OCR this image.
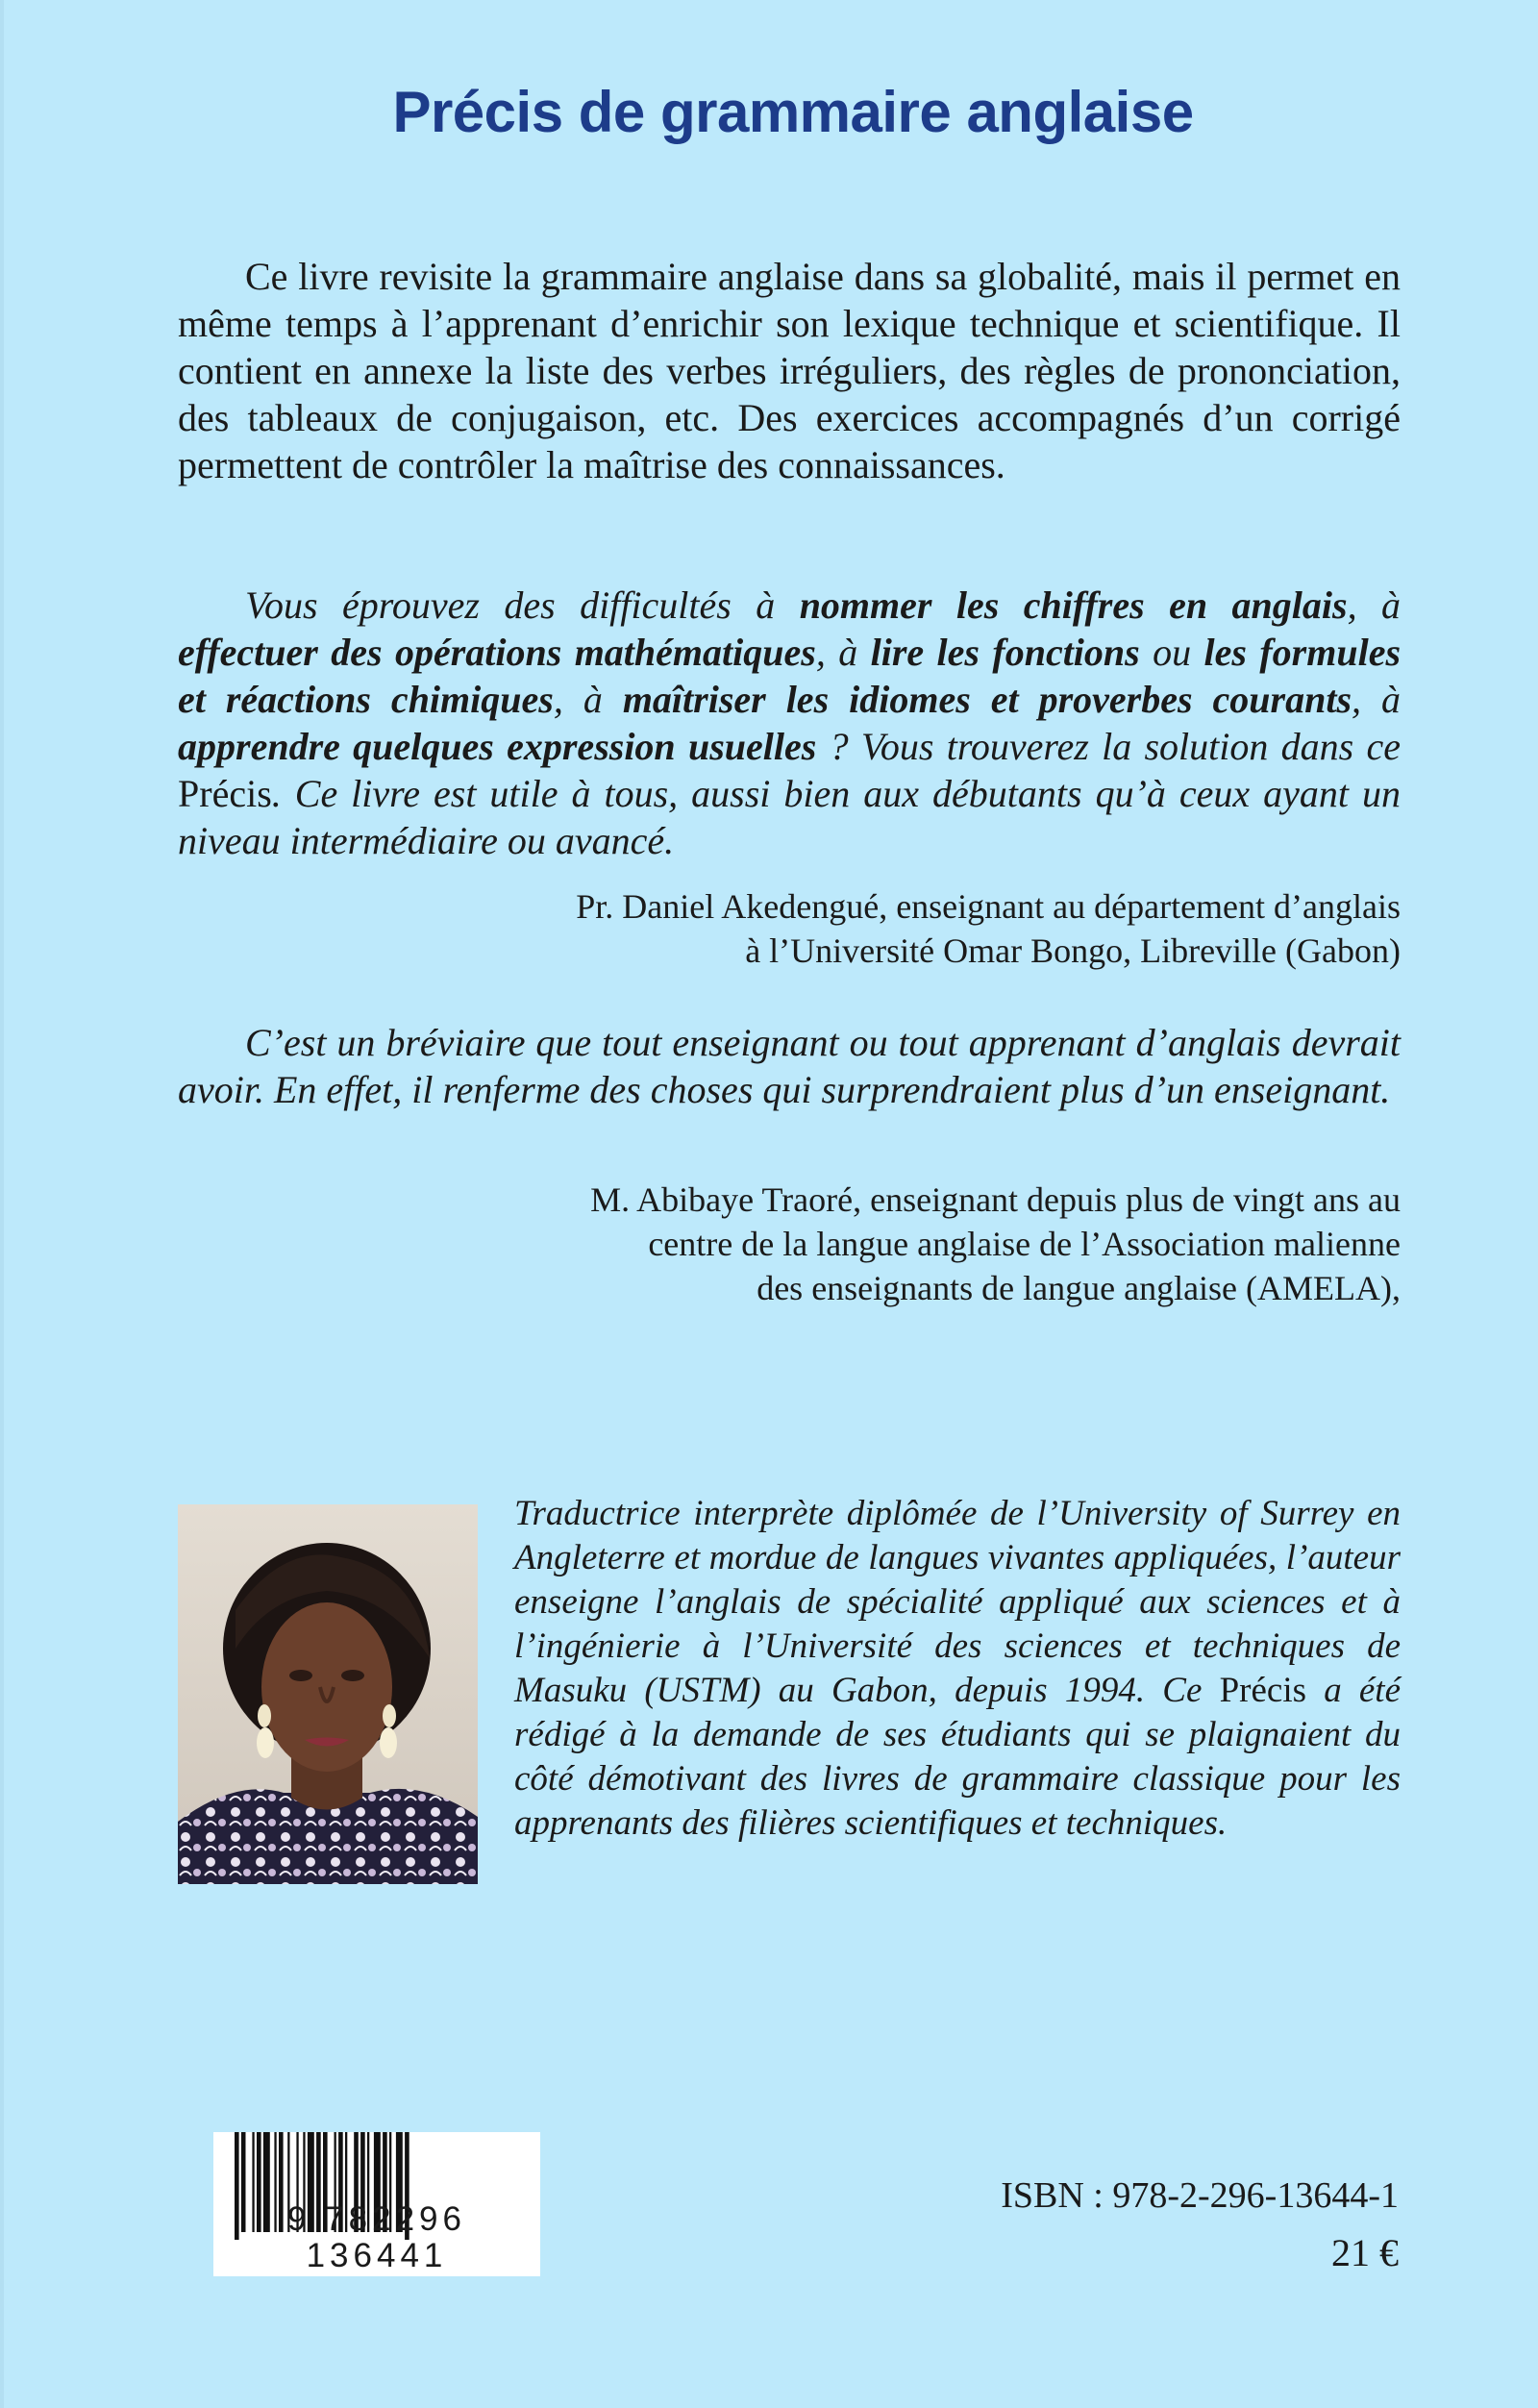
Précis de grammaire anglaise

Ce livre revisite la grammaire anglaise dans sa globalité, mais il permet en même temps à l’apprenant d’enrichir son lexique technique et scientifique. Il contient en annexe la liste des verbes irréguliers, des règles de prononciation, des tableaux de conjugaison, etc. Des exercices accompagnés d’un corrigé permettent de contrôler la maîtrise des connaissances.

Vous éprouvez des difficultés à nommer les chiffres en anglais, à effectuer des opérations mathématiques, à lire les fonctions ou les formules et réactions chimiques, à maîtriser les idiomes et proverbes courants, à apprendre quelques expression usuelles ? Vous trouverez la solution dans ce Précis. Ce livre est utile à tous, aussi bien aux débutants qu’à ceux ayant un niveau intermédiaire ou avancé.

Pr. Daniel Akedengué, enseignant au département d’anglais
à l’Université Omar Bongo, Libreville (Gabon)

C’est un bréviaire que tout enseignant ou tout apprenant d’anglais devrait avoir. En effet, il renferme des choses qui surprendraient plus d’un enseignant.

M. Abibaye Traoré, enseignant depuis plus de vingt ans au
centre de la langue anglaise de l’Association malienne
des enseignants de langue anglaise (AMELA),

Traductrice interprète diplômée de l’University of Surrey en Angleterre et mordue de langues vivantes appliquées, l’auteur enseigne l’anglais de spécialité appliqué aux sciences et à l’ingénierie à l’Université des sciences et techniques de Masuku (USTM) au Gabon, depuis 1994. Ce Précis a été rédigé à la demande de ses étudiants qui se plaignaient du côté démotivant des livres de grammaire classique pour les apprenants des filières scientifiques et techniques.

9 782296 136441
ISBN : 978-2-296-13644-1
21 €
